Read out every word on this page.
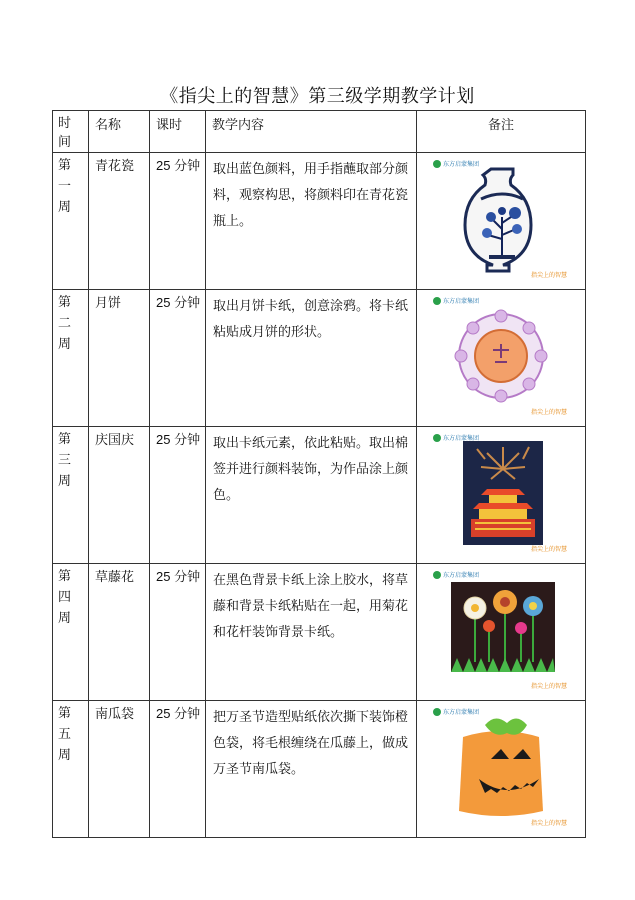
《指尖上的智慧》第三级学期教学计划
时间	名称	课时	教学内容	备注

第一周	青花瓷	25 分钟	取出蓝色颜料，用手指蘸取部分颜料，观察构思，将颜料印在青花瓷瓶上。	东方启蒙集团
指尖上的智慧

第二周	月饼	25 分钟	取出月饼卡纸，创意涂鸦。将卡纸粘贴成月饼的形状。	东方启蒙集团
指尖上的智慧

第三周	庆国庆	25 分钟	取出卡纸元素，依此粘贴。取出棉签并进行颜料装饰，为作品涂上颜色。	东方启蒙集团
指尖上的智慧

第四周	草藤花	25 分钟	在黑色背景卡纸上涂上胶水，将草藤和背景卡纸粘贴在一起，用菊花和花杆装饰背景卡纸。	东方启蒙集团
指尖上的智慧

第五周	南瓜袋	25 分钟	把万圣节造型贴纸依次撕下装饰橙色袋，将毛根缠绕在瓜藤上，做成万圣节南瓜袋。	东方启蒙集团
指尖上的智慧
